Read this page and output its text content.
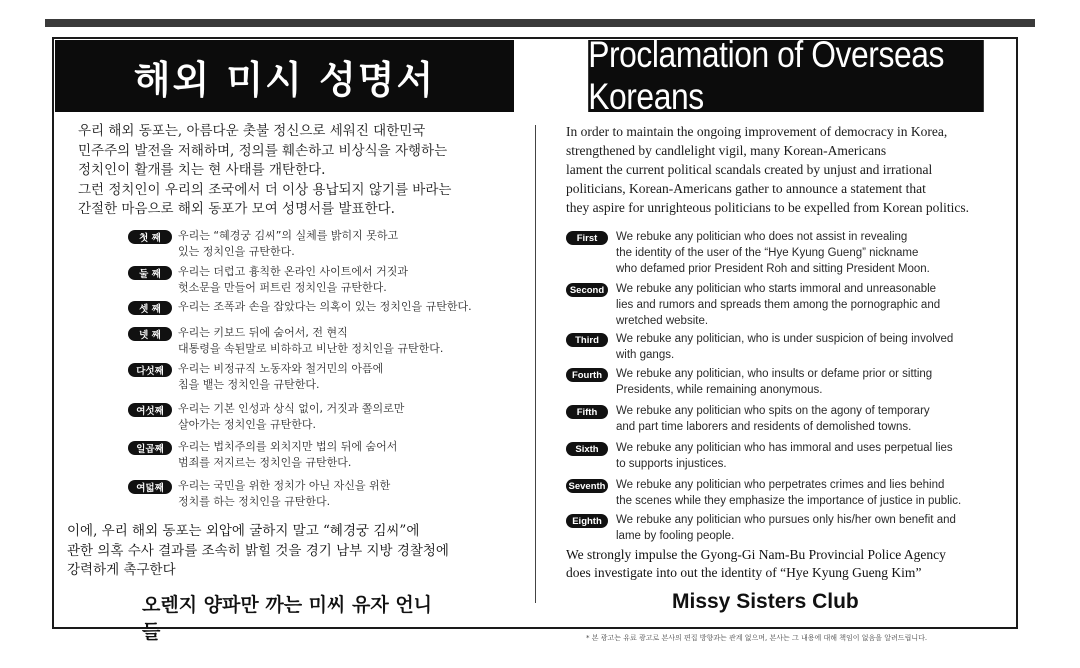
해외 미시 성명서
Proclamation of Overseas Koreans
우리 해외 동포는, 아름다운 촛불 정신으로 세워진 대한민국
민주주의 발전을 저해하며, 정의를 훼손하고 비상식을 자행하는
정치인이 활개를 치는 현 사태를 개탄한다.
그런 정치인이 우리의 조국에서 더 이상 용납되지 않기를 바라는
간절한 마음으로 해외 동포가 모여 성명서를 발표한다.
In order to maintain the ongoing improvement of democracy in Korea,
strengthened by candlelight vigil, many Korean-Americans
lament the current political scandals created by unjust and irrational
politicians, Korean-Americans gather to announce a statement that
they aspire for unrighteous politicians to be expelled from Korean politics.
첫 째	우리는 “혜경궁 김씨”의 실체를 밝히지 못하고
있는 정치인을 규탄한다.
둘 째	우리는 더럽고 흉칙한 온라인 사이트에서 거짓과
헛소문을 만들어 퍼트린 정치인을 규탄한다.
셋 째	우리는 조폭과 손을 잡았다는 의혹이 있는 정치인을 규탄한다.
넷 째	우리는 키보드 뒤에 숨어서, 전 현직
대통령을 속된말로 비하하고 비난한 정치인을 규탄한다.
다섯째	우리는 비정규직 노동자와 철거민의 아픔에
침을 뱉는 정치인을 규탄한다.
여섯째	우리는 기본 인성과 상식 없이, 거짓과 쫄의로만
살아가는 정치인을 규탄한다.
일곱째	우리는 법치주의를 외치지만 법의 뒤에 숨어서
범죄를 저지르는 정치인을 규탄한다.
여덟째	우리는 국민을 위한 정치가 아닌 자신을 위한
정치를 하는 정치인을 규탄한다.
First	We rebuke any politician who does not assist in revealing
the identity of the user of the “Hye Kyung Gueng” nickname
who defamed prior President Roh and sitting President Moon.
Second	We rebuke any politician who starts immoral and unreasonable
lies and rumors and spreads them among the pornographic and
wretched website.
Third	We rebuke any politician, who is under suspicion of being involved
with gangs.
Fourth	We rebuke any politician, who insults or defame prior or sitting
Presidents, while remaining anonymous.
Fifth	We rebuke any politician who spits on the agony of temporary
and part time laborers and residents of demolished towns.
Sixth	We rebuke any politician who has immoral and uses perpetual lies
to supports injustices.
Seventh We rebuke any politician who perpetrates crimes and lies behind
the scenes while they emphasize the importance of justice in public.
Eighth	We rebuke any politician who pursues only his/her own benefit and
lame by fooling people.
이에, 우리 해외 동포는 외압에 굴하지 말고 “혜경궁 김씨”에
관한 의혹 수사 결과를 조속히 밝힐 것을 경기 남부 지방 경찰청에
강력하게 촉구한다
We strongly impulse the Gyong-Gi Nam-Bu Provincial Police Agency
does investigate into out the identity of “Hye Kyung Gueng Kim”
오렌지 양파만 까는 미씨 유자 언니들
Missy Sisters Club
* 본 광고는 유료 광고로 본사의 편집 방향과는 관계 없으며, 본사는 그 내용에 대해 책임이 없음을 알려드립니다.
